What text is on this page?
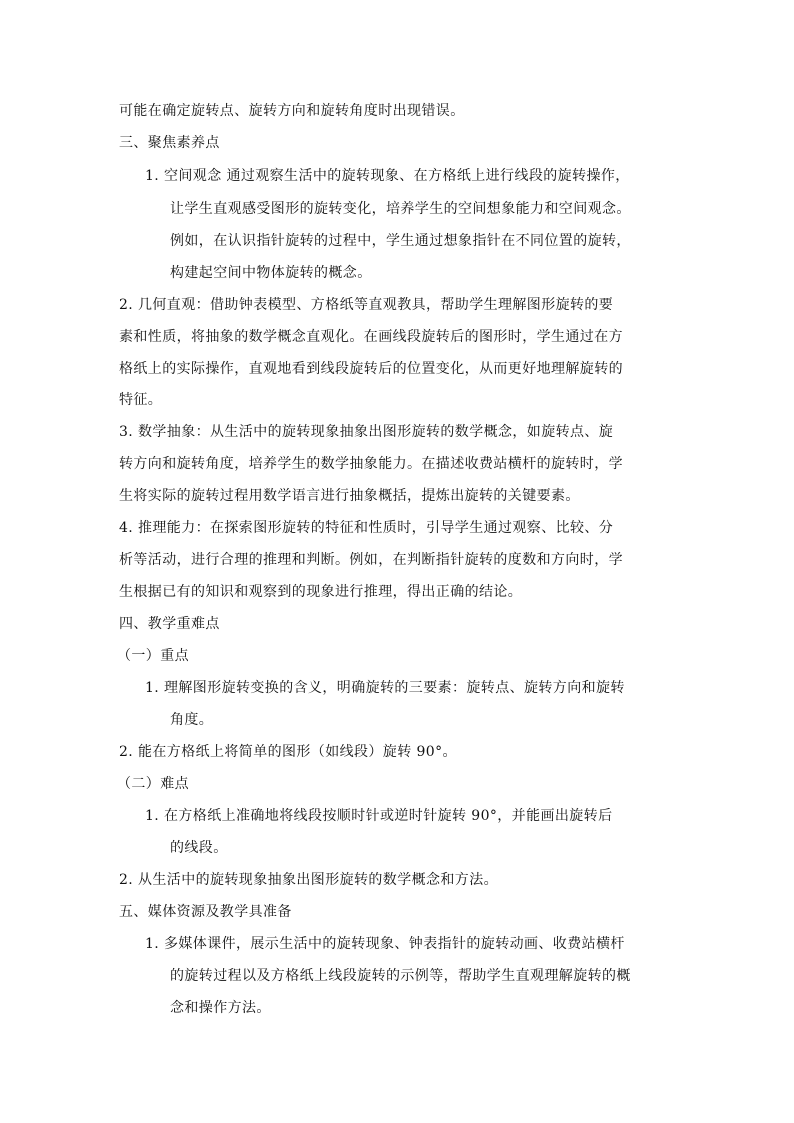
可能在确定旋转点、旋转方向和旋转角度时出现错误。
三、聚焦素养点
1. 空间观念 通过观察生活中的旋转现象、在方格纸上进行线段的旋转操作，
让学生直观感受图形的旋转变化，培养学生的空间想象能力和空间观念。
例如，在认识指针旋转的过程中，学生通过想象指针在不同位置的旋转，
构建起空间中物体旋转的概念。
2. 几何直观：借助钟表模型、方格纸等直观教具，帮助学生理解图形旋转的要
素和性质，将抽象的数学概念直观化。在画线段旋转后的图形时，学生通过在方
格纸上的实际操作，直观地看到线段旋转后的位置变化，从而更好地理解旋转的
特征。
3. 数学抽象：从生活中的旋转现象抽象出图形旋转的数学概念，如旋转点、旋
转方向和旋转角度，培养学生的数学抽象能力。在描述收费站横杆的旋转时，学
生将实际的旋转过程用数学语言进行抽象概括，提炼出旋转的关键要素。
4. 推理能力：在探索图形旋转的特征和性质时，引导学生通过观察、比较、分
析等活动，进行合理的推理和判断。例如，在判断指针旋转的度数和方向时，学
生根据已有的知识和观察到的现象进行推理，得出正确的结论。
四、教学重难点
（一）重点
1. 理解图形旋转变换的含义，明确旋转的三要素：旋转点、旋转方向和旋转
角度。
2. 能在方格纸上将简单的图形（如线段）旋转 90°。
（二）难点
1. 在方格纸上准确地将线段按顺时针或逆时针旋转 90°，并能画出旋转后
的线段。
2. 从生活中的旋转现象抽象出图形旋转的数学概念和方法。
五、媒体资源及教学具准备
1. 多媒体课件，展示生活中的旋转现象、钟表指针的旋转动画、收费站横杆
的旋转过程以及方格纸上线段旋转的示例等，帮助学生直观理解旋转的概
念和操作方法。
